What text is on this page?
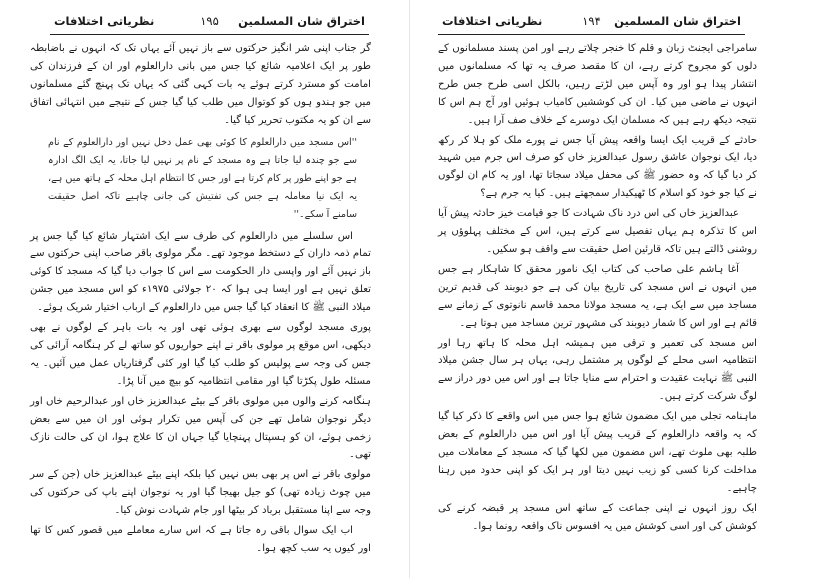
اختراق شان المسلمین
۱۹۵
نظریاتی اختلافات

گر جناب اپنی شر انگیز حرکتوں سے باز نہیں آئے یہاں تک کہ انہوں نے باضابطہ طور پر ایک اعلامیہ شائع کیا جس میں بانی دارالعلوم اور ان کے فرزندان کی امامت کو مسترد کرتے ہوئے یہ بات کہی گئی کہ یہاں تک پہنچ گئے مسلمانوں میں جو ہندو ہوں کو کوتوال میں طلب کیا گیا جس کے نتیجے میں انتہائی اتفاق سے ان کو یہ مکتوب تحریر کیا گیا۔

''اس مسجد میں دارالعلوم کا کوئی بھی عمل دخل نہیں اور دارالعلوم کے نام سے جو چندہ لیا جاتا ہے وہ مسجد کے نام پر نہیں لیا جاتا، یہ ایک الگ ادارہ ہے جو اپنے طور پر کام کرتا ہے اور جس کا انتظام اہل محلہ کے ہاتھ میں ہے، یہ ایک نیا معاملہ ہے جس کی تفتیش کی جانی چاہیے تاکہ اصل حقیقت سامنے آ سکے۔''

اس سلسلے میں دارالعلوم کی طرف سے ایک اشتہار شائع کیا گیا جس پر تمام ذمہ داران کے دستخط موجود تھے۔ مگر مولوی باقر صاحب اپنی حرکتوں سے باز نہیں آئے اور واپسی دار الحکومت سے اس کا جواب دیا گیا کہ مسجد کا کوئی تعلق نہیں ہے اور ایسا ہی ہوا کہ ۲۰ جولائی ۱۹۷۵ء کو اس مسجد میں جشن میلاد النبی ﷺ کا انعقاد کیا گیا جس میں دارالعلوم کے ارباب اختیار شریک ہوئے۔

پوری مسجد لوگوں سے بھری ہوئی تھی اور یہ بات باہر کے لوگوں نے بھی دیکھی، اس موقع پر مولوی باقر نے اپنے حواریوں کو ساتھ لے کر ہنگامہ آرائی کی جس کی وجہ سے پولیس کو طلب کیا گیا اور کئی گرفتاریاں عمل میں آئیں۔ یہ مسئلہ طول پکڑتا گیا اور مقامی انتظامیہ کو بیچ میں آنا پڑا۔

ہنگامہ کرنے والوں میں مولوی باقر کے بیٹے عبدالعزیز خاں اور عبدالرحیم خاں اور دیگر نوجوان شامل تھے جن کی آپس میں تکرار ہوئی اور ان میں سے بعض زخمی ہوئے، ان کو ہسپتال پہنچایا گیا جہاں ان کا علاج ہوا، ان کی حالت نازک تھی۔

مولوی باقر نے اس پر بھی بس نہیں کیا بلکہ اپنے بیٹے عبدالعزیز خاں (جن کے سر میں چوٹ زیادہ تھی) کو جیل بھیجا گیا اور یہ نوجوان اپنے باپ کی حرکتوں کی وجہ سے اپنا مستقبل برباد کر بیٹھا اور جام شہادت نوش کیا۔

اب ایک سوال باقی رہ جاتا ہے کہ اس سارے معاملے میں قصور کس کا تھا اور کیوں یہ سب کچھ ہوا۔

اختراق شان المسلمین
۱۹۴
نظریاتی اختلافات

سامراجی ایجنٹ زبان و قلم کا خنجر چلاتے رہے اور امن پسند مسلمانوں کے دلوں کو مجروح کرتے رہے، ان کا مقصد صرف یہ تھا کہ مسلمانوں میں انتشار پیدا ہو اور وہ آپس میں لڑتے رہیں، بالکل اسی طرح جس طرح انہوں نے ماضی میں کیا۔ ان کی کوششیں کامیاب ہوئیں اور آج ہم اس کا نتیجہ دیکھ رہے ہیں کہ مسلمان ایک دوسرے کے خلاف صف آرا ہیں۔

حادثے کے قریب ایک ایسا واقعہ پیش آیا جس نے پورے ملک کو ہلا کر رکھ دیا، ایک نوجوان عاشق رسول عبدالعزیز خاں کو صرف اس جرم میں شہید کر دیا گیا کہ وہ حضور ﷺ کی محفل میلاد سجاتا تھا، اور یہ کام ان لوگوں نے کیا جو خود کو اسلام کا ٹھیکیدار سمجھتے ہیں۔ کیا یہ جرم ہے؟

عبدالعزیز خاں کی اس درد ناک شہادت کا جو قیامت خیز حادثہ پیش آیا اس کا تذکرہ ہم یہاں تفصیل سے کرتے ہیں، اس کے مختلف پہلوؤں پر روشنی ڈالتے ہیں تاکہ قارئین اصل حقیقت سے واقف ہو سکیں۔

آغا ہاشم علی صاحب کی کتاب ایک نامور محقق کا شاہکار ہے جس میں انہوں نے اس مسجد کی تاریخ بیان کی ہے جو دیوبند کی قدیم ترین مساجد میں سے ایک ہے، یہ مسجد مولانا محمد قاسم نانوتوی کے زمانے سے قائم ہے اور اس کا شمار دیوبند کی مشہور ترین مساجد میں ہوتا ہے۔

اس مسجد کی تعمیر و ترقی میں ہمیشہ اہل محلہ کا ہاتھ رہا اور انتظامیہ اسی محلے کے لوگوں پر مشتمل رہی، یہاں ہر سال جشن میلاد النبی ﷺ نہایت عقیدت و احترام سے منایا جاتا ہے اور اس میں دور دراز سے لوگ شرکت کرتے ہیں۔

ماہنامہ تجلی میں ایک مضمون شائع ہوا جس میں اس واقعے کا ذکر کیا گیا کہ یہ واقعہ دارالعلوم کے قریب پیش آیا اور اس میں دارالعلوم کے بعض طلبہ بھی ملوث تھے، اس مضمون میں لکھا گیا کہ مسجد کے معاملات میں مداخلت کرنا کسی کو زیب نہیں دیتا اور ہر ایک کو اپنی حدود میں رہنا چاہیے۔

ایک روز انہوں نے اپنی جماعت کے ساتھ اس مسجد پر قبضہ کرنے کی کوشش کی اور اسی کوشش میں یہ افسوس ناک واقعہ رونما ہوا۔
